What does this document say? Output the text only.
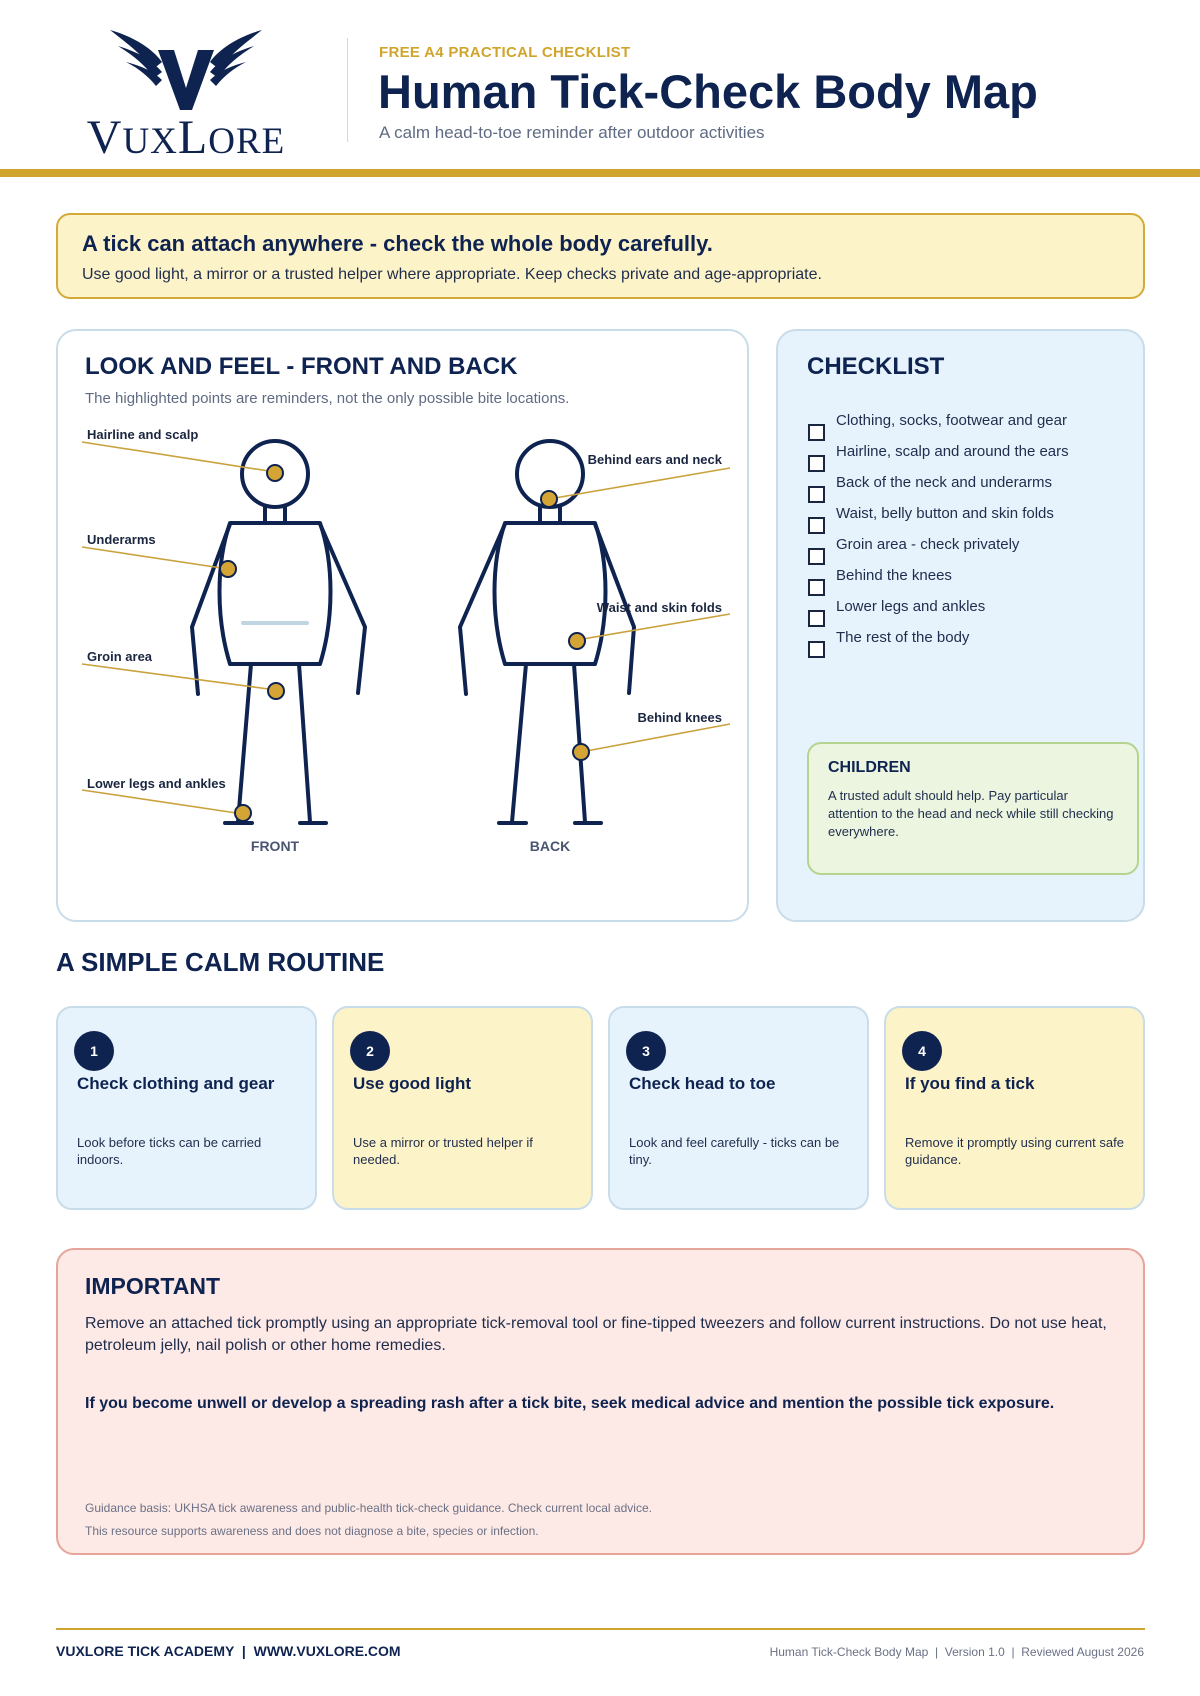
VUXLORE
FREE A4 PRACTICAL CHECKLIST
Human Tick-Check Body Map
A calm head-to-toe reminder after outdoor activities
A tick can attach anywhere - check the whole body carefully.
Use good light, a mirror or a trusted helper where appropriate. Keep checks private and age-appropriate.
LOOK AND FEEL - FRONT AND BACK
The highlighted points are reminders, not the only possible bite locations.
Hairline and scalp
Underarms
Groin area
Lower legs and ankles
Behind ears and neck
Waist and skin folds
Behind knees
FRONT	BACK
CHECKLIST
Clothing, socks, footwear and gear
Hairline, scalp and around the ears
Back of the neck and underarms
Waist, belly button and skin folds
Groin area - check privately
Behind the knees
Lower legs and ankles
The rest of the body
CHILDREN
A trusted adult should help. Pay particular attention to the head and neck while still checking everywhere.
A SIMPLE CALM ROUTINE
1
Check clothing and gear
Look before ticks can be carried indoors.
2
Use good light
Use a mirror or trusted helper if needed.
3
Check head to toe
Look and feel carefully - ticks can be tiny.
4
If you find a tick
Remove it promptly using current safe guidance.
IMPORTANT
Remove an attached tick promptly using an appropriate tick-removal tool or fine-tipped tweezers and follow current instructions. Do not use heat, petroleum jelly, nail polish or other home remedies.
If you become unwell or develop a spreading rash after a tick bite, seek medical advice and mention the possible tick exposure.
Guidance basis: UKHSA tick awareness and public-health tick-check guidance. Check current local advice.
This resource supports awareness and does not diagnose a bite, species or infection.
VUXLORE TICK ACADEMY  |  WWW.VUXLORE.COM	Human Tick-Check Body Map  |  Version 1.0  |  Reviewed August 2026
